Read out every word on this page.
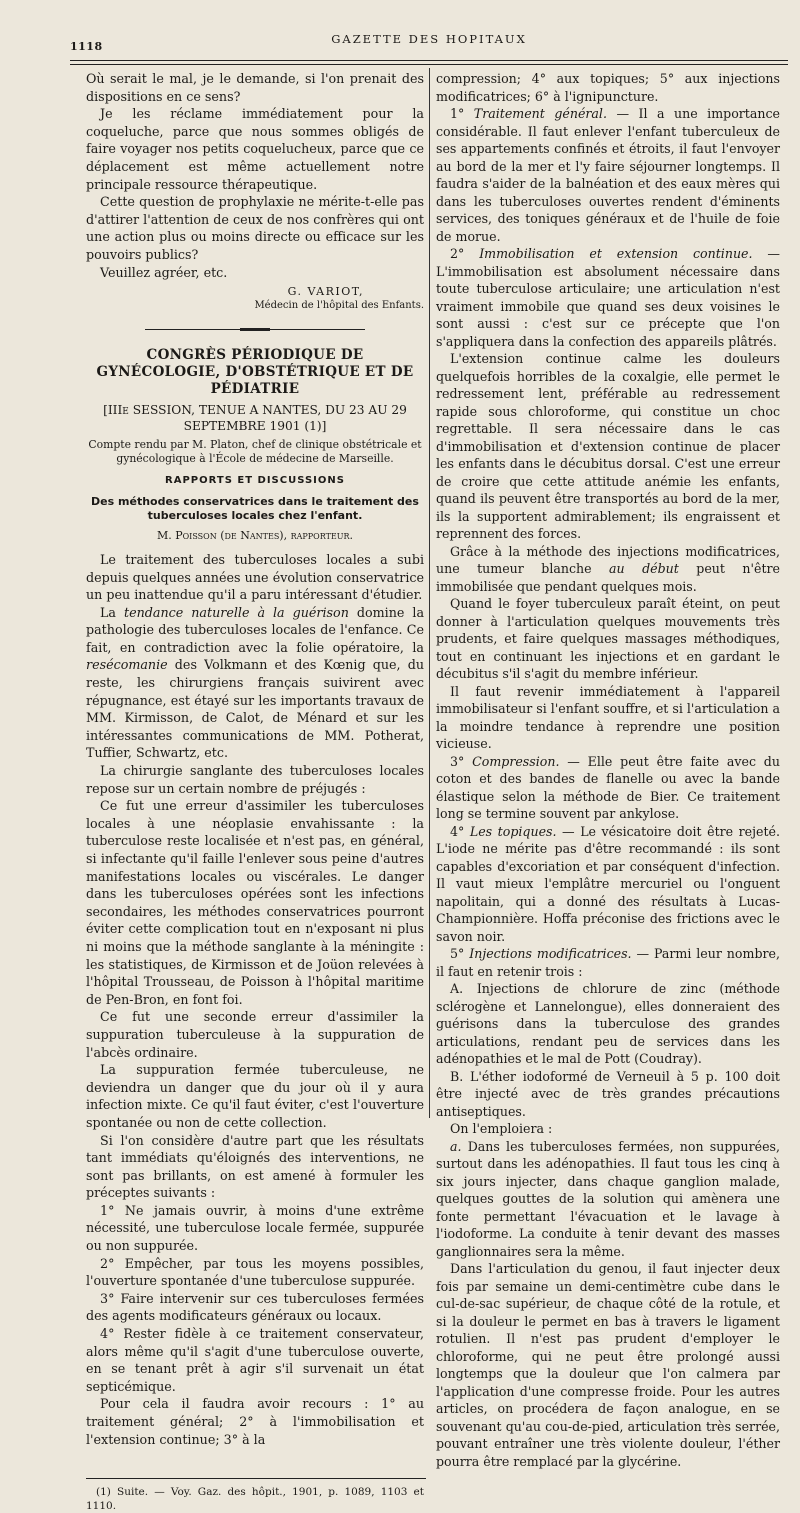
1118
GAZETTE DES HOPITAUX

Où serait le mal, je le demande, si l'on prenait des dispositions en ce sens?

Je les réclame immédiatement pour la coqueluche, parce que nous sommes obligés de faire voyager nos petits coquelucheux, parce que ce déplacement est même actuellement notre principale ressource thérapeutique.

Cette question de prophylaxie ne mérite-t-elle pas d'attirer l'attention de ceux de nos confrères qui ont une action plus ou moins directe ou efficace sur les pouvoirs publics?

Veuillez agréer, etc.

G. VARIOT,
Médecin de l'hôpital des Enfants.
CONGRÈS PÉRIODIQUE DE GYNÉCOLOGIE, D'OBSTÉTRIQUE ET DE PÉDIATRIE
[IIIe SESSION, TENUE A NANTES, DU 23 AU 29 SEPTEMBRE 1901 (1)]
Compte rendu par M. Platon, chef de clinique obstétricale et gynécologique à l'École de médecine de Marseille.
RAPPORTS ET DISCUSSIONS
Des méthodes conservatrices dans le traitement des tuberculoses locales chez l'enfant.
M. Poisson (de Nantes), rapporteur.

Le traitement des tuberculoses locales a subi depuis quelques années une évolution conservatrice un peu inattendue qu'il a paru intéressant d'étudier.

La tendance naturelle à la guérison domine la pathologie des tuberculoses locales de l'enfance. Ce fait, en contradiction avec la folie opératoire, la resécomanie des Volkmann et des Kœnig que, du reste, les chirurgiens français suivirent avec répugnance, est étayé sur les importants travaux de MM. Kirmisson, de Calot, de Ménard et sur les intéressantes communications de MM. Potherat, Tuffier, Schwartz, etc.

La chirurgie sanglante des tuberculoses locales repose sur un certain nombre de préjugés :

Ce fut une erreur d'assimiler les tuberculoses locales à une néoplasie envahissante : la tuberculose reste localisée et n'est pas, en général, si infectante qu'il faille l'enlever sous peine d'autres manifestations locales ou viscérales. Le danger dans les tuberculoses opérées sont les infections secondaires, les méthodes conservatrices pourront éviter cette complication tout en n'exposant ni plus ni moins que la méthode sanglante à la méningite : les statistiques, de Kirmisson et de Joüon relevées à l'hôpital Trousseau, de Poisson à l'hôpital maritime de Pen-Bron, en font foi.

Ce fut une seconde erreur d'assimiler la suppuration tuberculeuse à la suppuration de l'abcès ordinaire.

La suppuration fermée tuberculeuse, ne deviendra un danger que du jour où il y aura infection mixte. Ce qu'il faut éviter, c'est l'ouverture spontanée ou non de cette collection.

Si l'on considère d'autre part que les résultats tant immédiats qu'éloignés des interventions, ne sont pas brillants, on est amené à formuler les préceptes suivants :

1° Ne jamais ouvrir, à moins d'une extrême nécessité, une tuberculose locale fermée, suppurée ou non suppurée.

2° Empêcher, par tous les moyens possibles, l'ouverture spontanée d'une tuberculose suppurée.

3° Faire intervenir sur ces tuberculoses fermées des agents modificateurs généraux ou locaux.

4° Rester fidèle à ce traitement conservateur, alors même qu'il s'agit d'une tuberculose ouverte, en se tenant prêt à agir s'il survenait un état septicémique.

Pour cela il faudra avoir recours : 1° au traitement général; 2° à l'immobilisation et l'extension continue; 3° à la

(1) Suite. — Voy. Gaz. des hôpit., 1901, p. 1089, 1103 et 1110.

compression; 4° aux topiques; 5° aux injections modificatrices; 6° à l'ignipuncture.

1° Traitement général. — Il a une importance considérable. Il faut enlever l'enfant tuberculeux de ses appartements confinés et étroits, il faut l'envoyer au bord de la mer et l'y faire séjourner longtemps. Il faudra s'aider de la balnéation et des eaux mères qui dans les tuberculoses ouvertes rendent d'éminents services, des toniques généraux et de l'huile de foie de morue.

2° Immobilisation et extension continue. — L'immobilisation est absolument nécessaire dans toute tuberculose articulaire; une articulation n'est vraiment immobile que quand ses deux voisines le sont aussi : c'est sur ce précepte que l'on s'appliquera dans la confection des appareils plâtrés.

L'extension continue calme les douleurs quelquefois horribles de la coxalgie, elle permet le redressement lent, préférable au redressement rapide sous chloroforme, qui constitue un choc regrettable. Il sera nécessaire dans le cas d'immobilisation et d'extension continue de placer les enfants dans le décubitus dorsal. C'est une erreur de croire que cette attitude anémie les enfants, quand ils peuvent être transportés au bord de la mer, ils la supportent admirablement; ils engraissent et reprennent des forces.

Grâce à la méthode des injections modificatrices, une tumeur blanche au début peut n'être immobilisée que pendant quelques mois.

Quand le foyer tuberculeux paraît éteint, on peut donner à l'articulation quelques mouvements très prudents, et faire quelques massages méthodiques, tout en continuant les injections et en gardant le décubitus s'il s'agit du membre inférieur.

Il faut revenir immédiatement à l'appareil immobilisateur si l'enfant souffre, et si l'articulation a la moindre tendance à reprendre une position vicieuse.

3° Compression. — Elle peut être faite avec du coton et des bandes de flanelle ou avec la bande élastique selon la méthode de Bier. Ce traitement long se termine souvent par ankylose.

4° Les topiques. — Le vésicatoire doit être rejeté. L'iode ne mérite pas d'être recommandé : ils sont capables d'excoriation et par conséquent d'infection. Il vaut mieux l'emplâtre mercuriel ou l'onguent napolitain, qui a donné des résultats à Lucas-Championnière. Hoffa préconise des frictions avec le savon noir.

5° Injections modificatrices. — Parmi leur nombre, il faut en retenir trois :

A. Injections de chlorure de zinc (méthode sclérogène et Lannelongue), elles donneraient des guérisons dans la tuberculose des grandes articulations, rendant peu de services dans les adénopathies et le mal de Pott (Coudray).

B. L'éther iodoformé de Verneuil à 5 p. 100 doit être injecté avec de très grandes précautions antiseptiques.

On l'emploiera :

a. Dans les tuberculoses fermées, non suppurées, surtout dans les adénopathies. Il faut tous les cinq à six jours injecter, dans chaque ganglion malade, quelques gouttes de la solution qui amènera une fonte permettant l'évacuation et le lavage à l'iodoforme. La conduite à tenir devant des masses ganglionnaires sera la même.

Dans l'articulation du genou, il faut injecter deux fois par semaine un demi-centimètre cube dans le cul-de-sac supérieur, de chaque côté de la rotule, et si la douleur le permet en bas à travers le ligament rotulien. Il n'est pas prudent d'employer le chloroforme, qui ne peut être prolongé aussi longtemps que la douleur que l'on calmera par l'application d'une compresse froide. Pour les autres articles, on procédera de façon analogue, en se souvenant qu'au cou-de-pied, articulation très serrée, pouvant entraîner une très violente douleur, l'éther pourra être remplacé par la glycérine.
